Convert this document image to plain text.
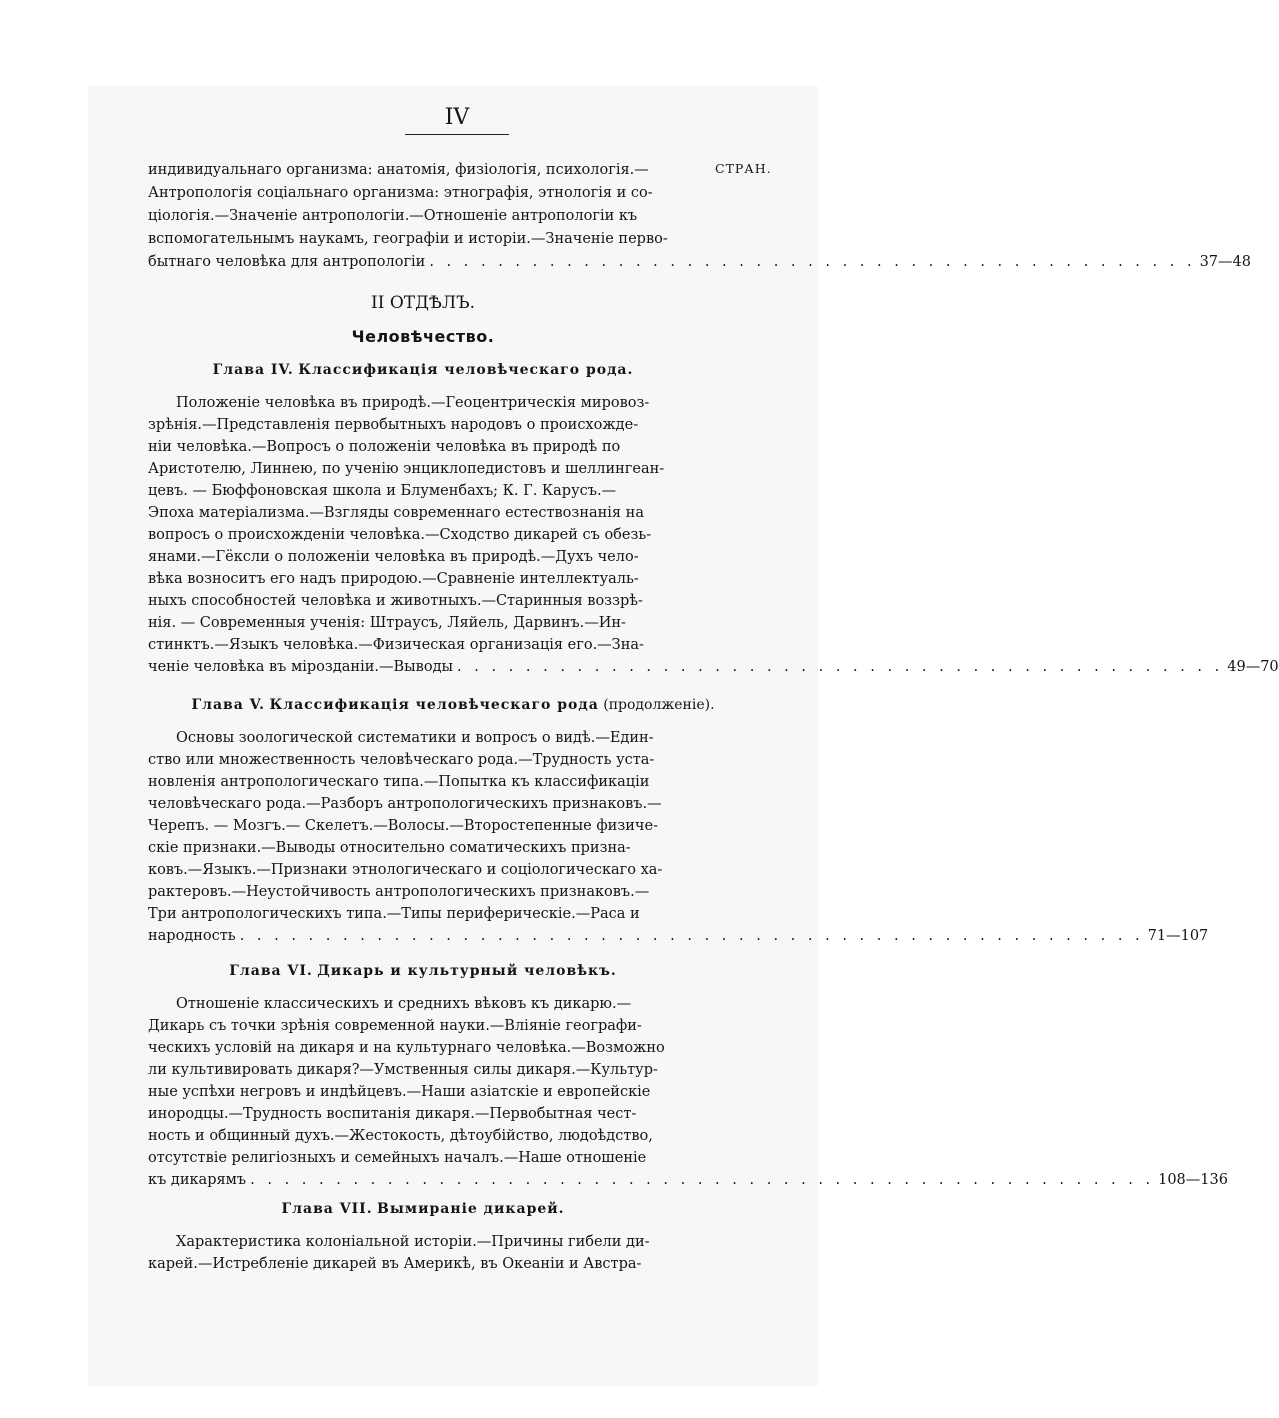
IV
СТРАН.
индивидуальнаго организма: анатомія, физіологія, психологія.—
Антропологія соціальнаго организма: этнографія, этнологія и со-
ціологія.—Значеніе антропологіи.—Отношеніе антропологіи къ
вспомогательнымъ наукамъ, географіи и исторіи.—Значеніе перво-
бытнаго человѣка для антропологіи . . . . . . . . . . . . . . . . . . . . . . . . . . . . . . . . . . . . . . . . . . . . . 37—48
II ОТДѢЛЪ.
Человѣчество.
Глава IV. Классификація человѣческаго рода.
Положеніе человѣка въ природѣ.—Геоцентрическія мировоз-
зрѣнія.—Представленія первобытныхъ народовъ о происхожде-
ніи человѣка.—Вопросъ о положеніи человѣка въ природѣ по
Аристотелю, Линнею, по ученію энциклопедистовъ и шеллингеан-
цевъ. — Бюффоновская школа и Блуменбахъ; К. Г. Карусъ.—
Эпоха матеріализма.—Взгляды современнаго естествознанія на
вопросъ о происхожденіи человѣка.—Сходство дикарей съ обезь-
янами.—Гёксли о положеніи человѣка въ природѣ.—Духъ чело-
вѣка возноситъ его надъ природою.—Сравненіе интеллектуаль-
ныхъ способностей человѣка и животныхъ.—Старинныя воззрѣ-
нія. — Современныя ученія: Штраусъ, Ляйель, Дарвинъ.—Ин-
стинктъ.—Языкъ человѣка.—Физическая организація его.—Зна-
ченіе человѣка въ мірозданіи.—Выводы . . . . . . . . . . . . . . . . . . . . . . . . . . . . . . . . . . . . . . . . . . . . . 49—70
Глава V. Классификація человѣческаго рода (продолженіе).
Основы зоологической систематики и вопросъ о видѣ.—Един-
ство или множественность человѣческаго рода.—Трудность уста-
новленія антропологическаго типа.—Попытка къ классификаціи
человѣческаго рода.—Разборъ антропологическихъ признаковъ.—
Черепъ. — Мозгъ.— Скелетъ.—Волосы.—Второстепенные физиче-
скіе признаки.—Выводы относительно соматическихъ призна-
ковъ.—Языкъ.—Признаки этнологическаго и соціологическаго ха-
рактеровъ.—Неустойчивость антропологическихъ признаковъ.—
Три антропологическихъ типа.—Типы периферическіе.—Раса и
народность . . . . . . . . . . . . . . . . . . . . . . . . . . . . . . . . . . . . . . . . . . . . . . . . . . . . . 71—107
Глава VI. Дикарь и культурный человѣкъ.
Отношеніе классическихъ и среднихъ вѣковъ къ дикарю.—
Дикарь съ точки зрѣнія современной науки.—Вліяніе географи-
ческихъ условій на дикаря и на культурнаго человѣка.—Возможно
ли культивировать дикаря?—Умственныя силы дикаря.—Культур-
ные успѣхи негровъ и индѣйцевъ.—Наши азіатскіе и европейскіе
инородцы.—Трудность воспитанія дикаря.—Первобытная чест-
ность и общинный духъ.—Жестокость, дѣтоубійство, людоѣдство,
отсутствіе религіозныхъ и семейныхъ началъ.—Наше отношеніе
къ дикарямъ . . . . . . . . . . . . . . . . . . . . . . . . . . . . . . . . . . . . . . . . . . . . . . . . . . . . . 108—136
Глава VII. Вымираніе дикарей.
Характеристика колоніальной исторіи.—Причины гибели ди-
карей.—Истребленіе дикарей въ Америкѣ, въ Океаніи и Австра-
